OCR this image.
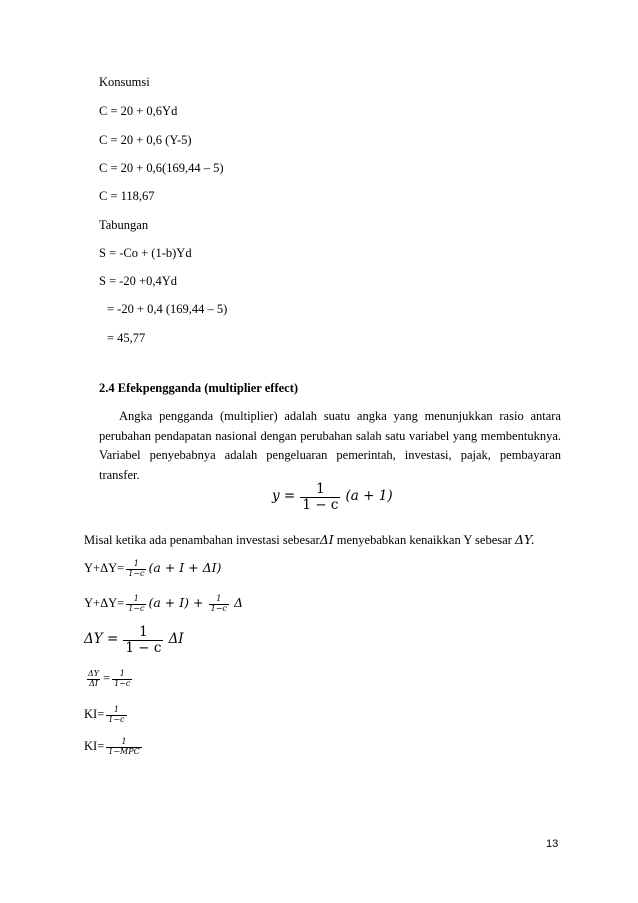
Konsumsi
C = 20 + 0,6Yd
C = 20 + 0,6 (Y-5)
C = 20 + 0,6(169,44 – 5)
C = 118,67
Tabungan
S = -Co + (1-b)Yd
S = -20 +0,4Yd
= -20 + 0,4 (169,44 – 5)
= 45,77
2.4 Efekpengganda (multiplier effect)
Angka pengganda (multiplier) adalah suatu angka yang menunjukkan rasio antara perubahan pendapatan nasional dengan perubahan salah satu variabel yang membentuknya. Variabel penyebabnya adalah pengeluaran pemerintah, investasi, pajak, pembayaran transfer.
$y = \frac{1}{1 - c} (a + 1)$
Misal ketika ada penambahan investasi sebesarΔI menyebabkan kenaikkan Y sebesar ΔY.
$Y+\Delta Y= \frac{1}{1-c} (a + I + \Delta I)$
$Y+\Delta Y= \frac{1}{1-c} (a + I) + \frac{1}{1-c}$ Δ
$\Delta Y = \frac{1}{1 - c}$ ΔI
$\frac{\Delta Y}{\Delta I} = \frac{1}{1-c}$
$KI= \frac{1}{1-c}$
$KI= \frac{1}{\text{1−MPC}}$
13
